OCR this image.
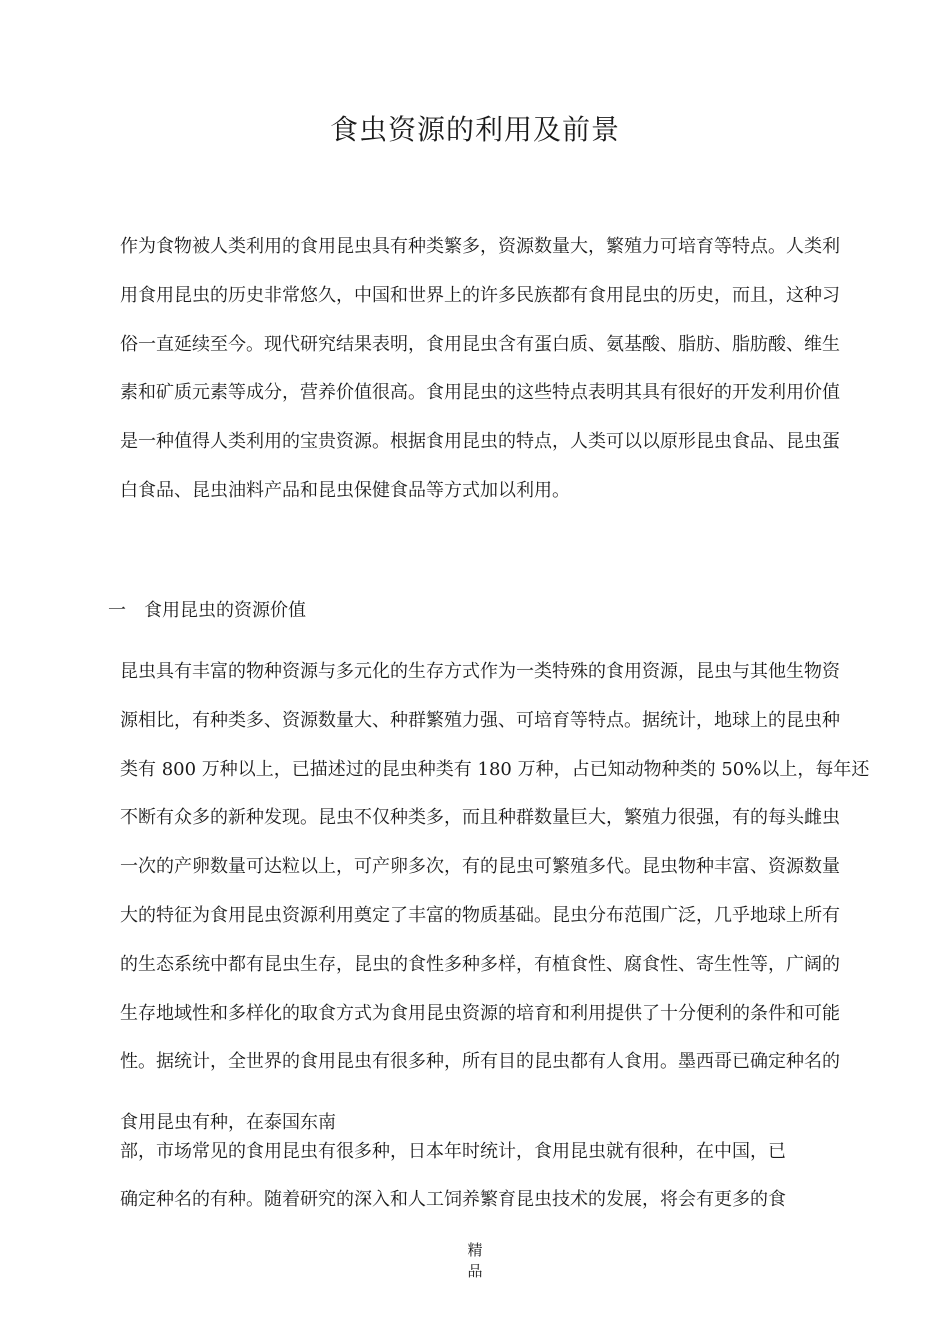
食虫资源的利用及前景
作为食物被人类利用的食用昆虫具有种类繁多，资源数量大，繁殖力可培育等特点。人类利
用食用昆虫的历史非常悠久，中国和世界上的许多民族都有食用昆虫的历史，而且，这种习
俗一直延续至今。现代研究结果表明，食用昆虫含有蛋白质、氨基酸、脂肪、脂肪酸、维生
素和矿质元素等成分，营养价值很高。食用昆虫的这些特点表明其具有很好的开发利用价值
是一种值得人类利用的宝贵资源。根据食用昆虫的特点，人类可以以原形昆虫食品、昆虫蛋
白食品、昆虫油料产品和昆虫保健食品等方式加以利用。
一 食用昆虫的资源价值
昆虫具有丰富的物种资源与多元化的生存方式作为一类特殊的食用资源，昆虫与其他生物资
源相比，有种类多、资源数量大、种群繁殖力强、可培育等特点。据统计，地球上的昆虫种
类有 800 万种以上，已描述过的昆虫种类有 180 万种，占已知动物种类的 50%以上，每年还
不断有众多的新种发现。昆虫不仅种类多，而且种群数量巨大，繁殖力很强，有的每头雌虫
一次的产卵数量可达粒以上，可产卵多次，有的昆虫可繁殖多代。昆虫物种丰富、资源数量
大的特征为食用昆虫资源利用奠定了丰富的物质基础。昆虫分布范围广泛，几乎地球上所有
的生态系统中都有昆虫生存，昆虫的食性多种多样，有植食性、腐食性、寄生性等，广阔的
生存地域性和多样化的取食方式为食用昆虫资源的培育和利用提供了十分便利的条件和可能
性。据统计，全世界的食用昆虫有很多种，所有目的昆虫都有人食用。墨西哥已确定种名的

食用昆虫有种，在泰国东南

部，市场常见的食用昆虫有很多种，日本年时统计，食用昆虫就有很种，在中国，已

确定种名的有种。随着研究的深入和人工饲养繁育昆虫技术的发展，将会有更多的食

精
品
